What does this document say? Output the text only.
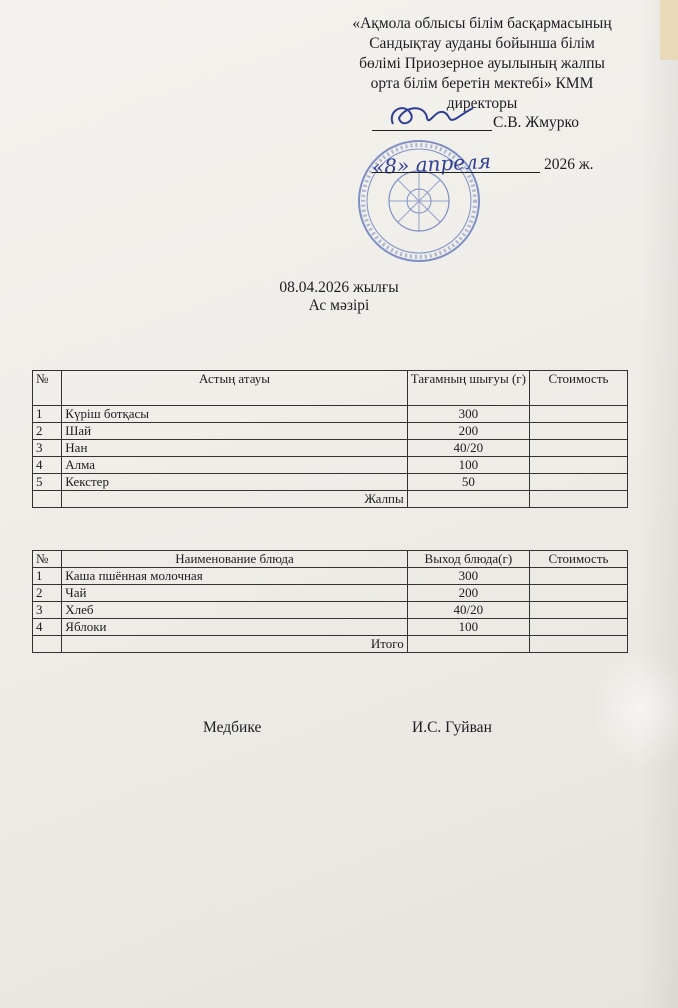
«Ақмола облысы білім басқармасының
Сандықтау ауданы бойынша білім
бөлімі Приозерное ауылының жалпы
орта білім беретін мектебі» КММ
директоры
С.В. Жмурко
«8» апреля	2026 ж.
08.04.2026 жылғы
Ас мәзірі
№	Астың атауы	Тағамның шығуы (г)	Стоимость
1	Күріш ботқасы	300	
2	Шай	200	
3	Нан	40/20	
4	Алма	100	
5	Кекстер	50	
	Жалпы		
№	Наименование блюда	Выход блюда(г)	Стоимость
1	Каша пшённая молочная	300	
2	Чай	200	
3	Хлеб	40/20	
4	Яблоки	100	
	Итого		
Медбике	И.С. Гуйван
